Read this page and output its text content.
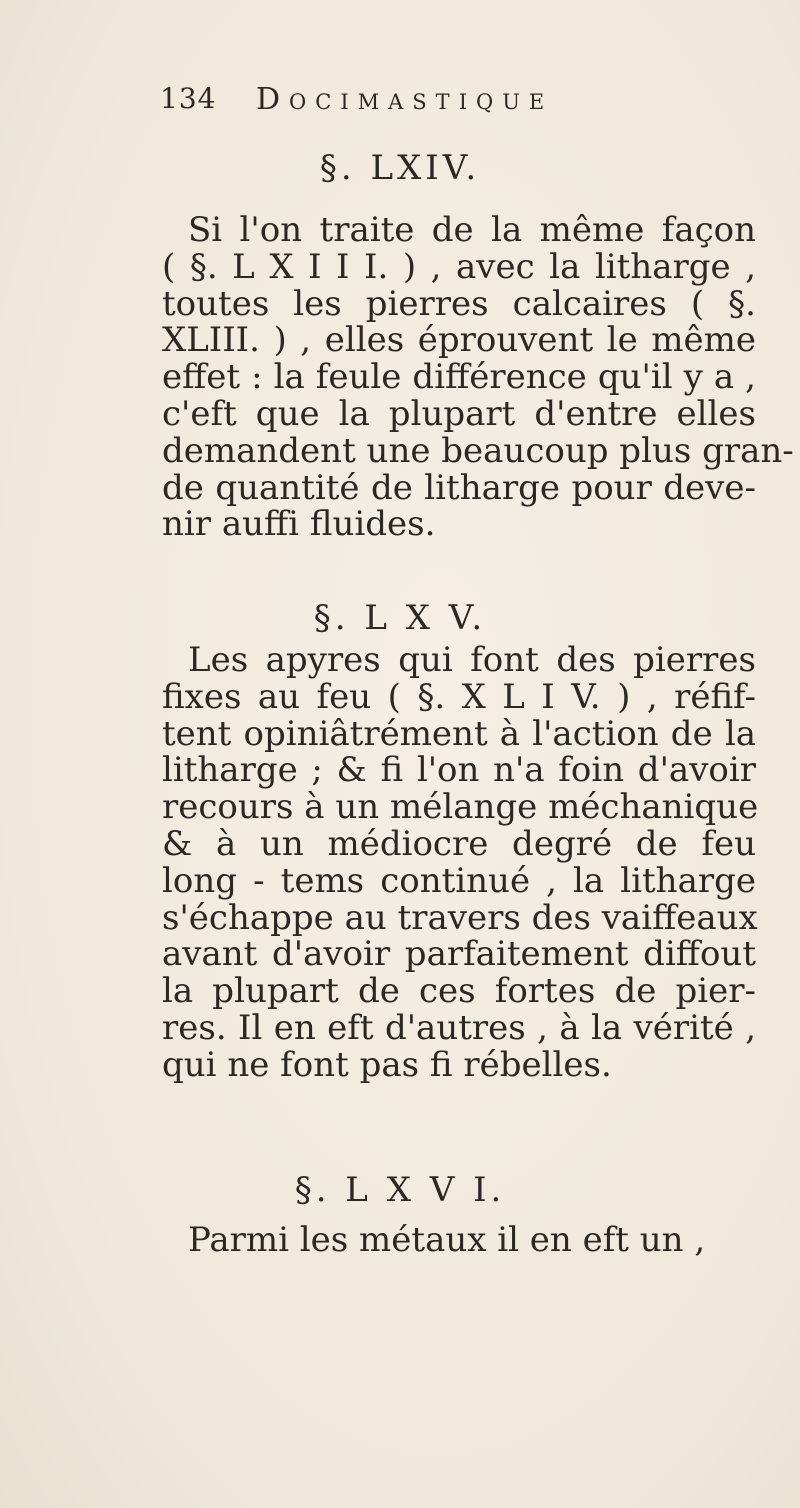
134 Docimastique
§. LXIV.
Si l'on traite de la même façon
( §. L X I I I. ) , avec la litharge ,
toutes les pierres calcaires ( §.
XLIII. ) , elles éprouvent le même
effet : la feule différence qu'il y a ,
c'eft que la plupart d'entre elles
demandent une beaucoup plus gran-
de quantité de litharge pour deve-
nir auffi fluides.
§. L X V.
Les apyres qui font des pierres
fixes au feu ( §. X L I V. ) , réfif-
tent opiniâtrément à l'action de la
litharge ; & fi l'on n'a foin d'avoir
recours à un mélange méchanique
& à un médiocre degré de feu
long - tems continué , la litharge
s'échappe au travers des vaiffeaux
avant d'avoir parfaitement diffout
la plupart de ces fortes de pier-
res. Il en eft d'autres , à la vérité ,
qui ne font pas fi rébelles.
§. L X V I.
Parmi les métaux il en eft un ,
